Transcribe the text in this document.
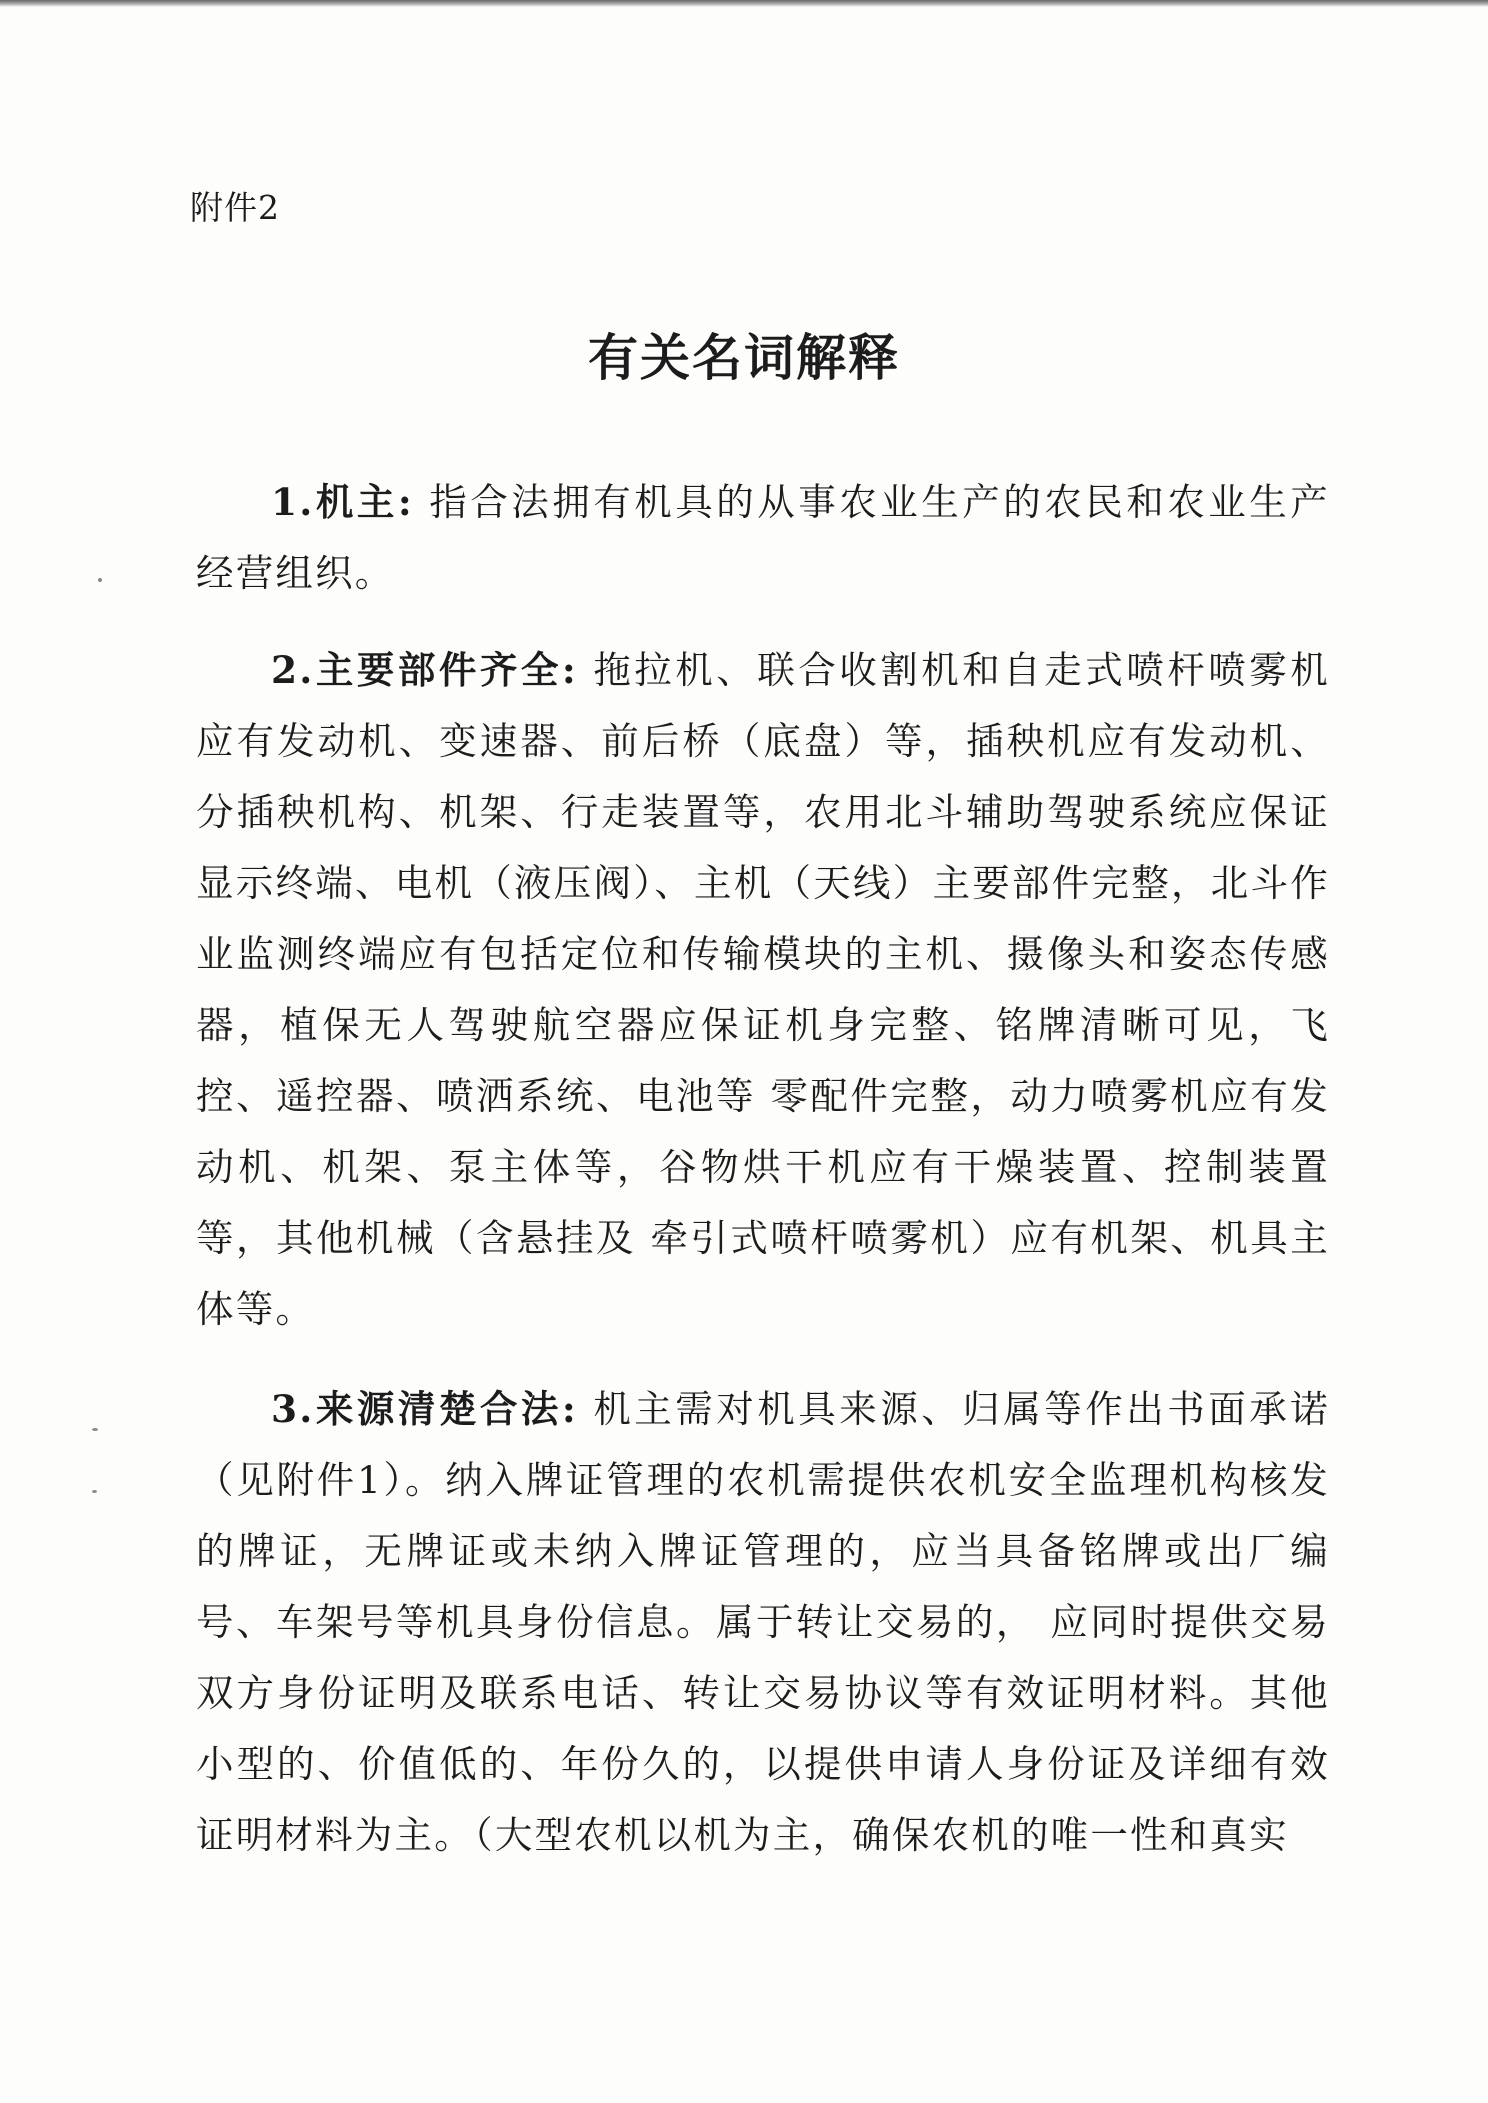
附件2
有关名词解释

1.机主: 指合法拥有机具的从事农业生产的农民和农业生产经营组织。

2.主要部件齐全: 拖拉机、联合收割机和自走式喷杆喷雾机应有发动机、变速器、前后桥（底盘）等，插秧机应有发动机、分插秧机构、机架、行走装置等，农用北斗辅助驾驶系统应保证显示终端、电机（液压阀）、主机（天线）主要部件完整，北斗作业监测终端应有包括定位和传输模块的主机、摄像头和姿态传感器，植保无人驾驶航空器应保证机身完整、铭牌清晰可见，飞控、遥控器、喷洒系统、电池等 零配件完整，动力喷雾机应有发动机、机架、泵主体等，谷物烘干机应有干燥装置、控制装置等，其他机械（含悬挂及 牵引式喷杆喷雾机）应有机架、机具主体等。

3.来源清楚合法: 机主需对机具来源、归属等作出书面承诺（见附件1）。纳入牌证管理的农机需提供农机安全监理机构核发的牌证，无牌证或未纳入牌证管理的，应当具备铭牌或出厂编号、车架号等机具身份信息。属于转让交易的， 应同时提供交易双方身份证明及联系电话、转让交易协议等有效证明材料。其他小型的、价值低的、年份久的，以提供申请人身份证及详细有效证明材料为主。（大型农机以机为主，确保农机的唯一性和真实
